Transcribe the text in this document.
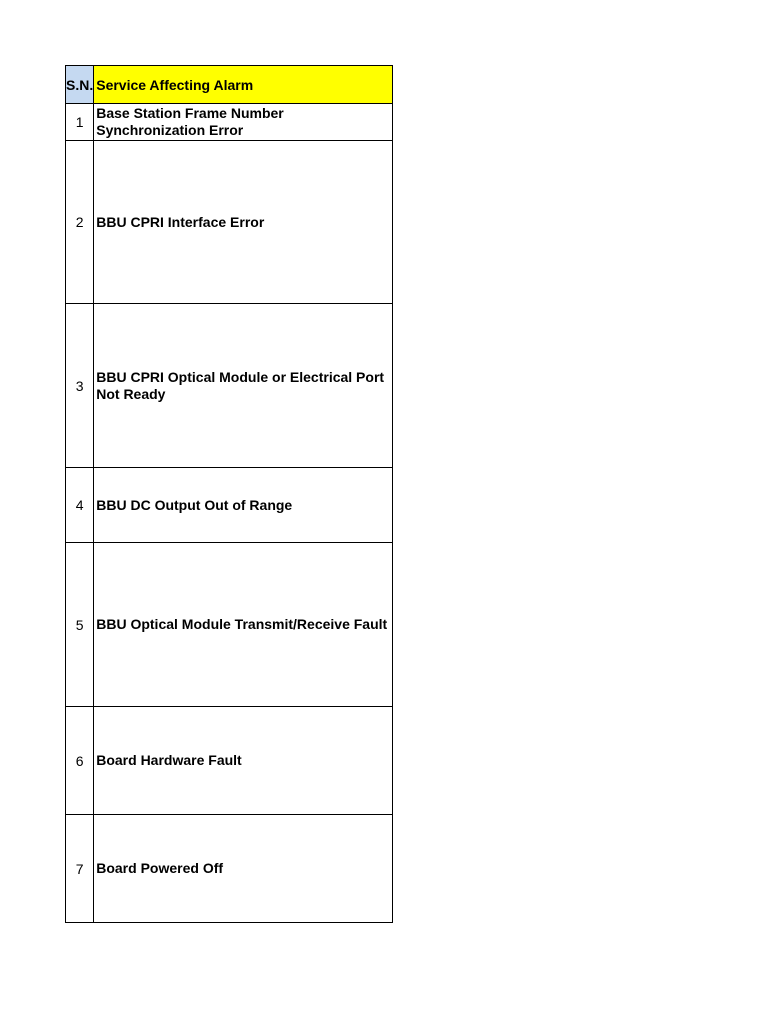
S.N.	Service Affecting Alarm
1	Base Station Frame Number Synchronization Error
2	BBU CPRI Interface Error
3	BBU CPRI Optical Module or Electrical Port Not Ready
4	BBU DC Output Out of Range
5	BBU Optical Module Transmit/Receive Fault
6	Board Hardware Fault
7	Board Powered Off
